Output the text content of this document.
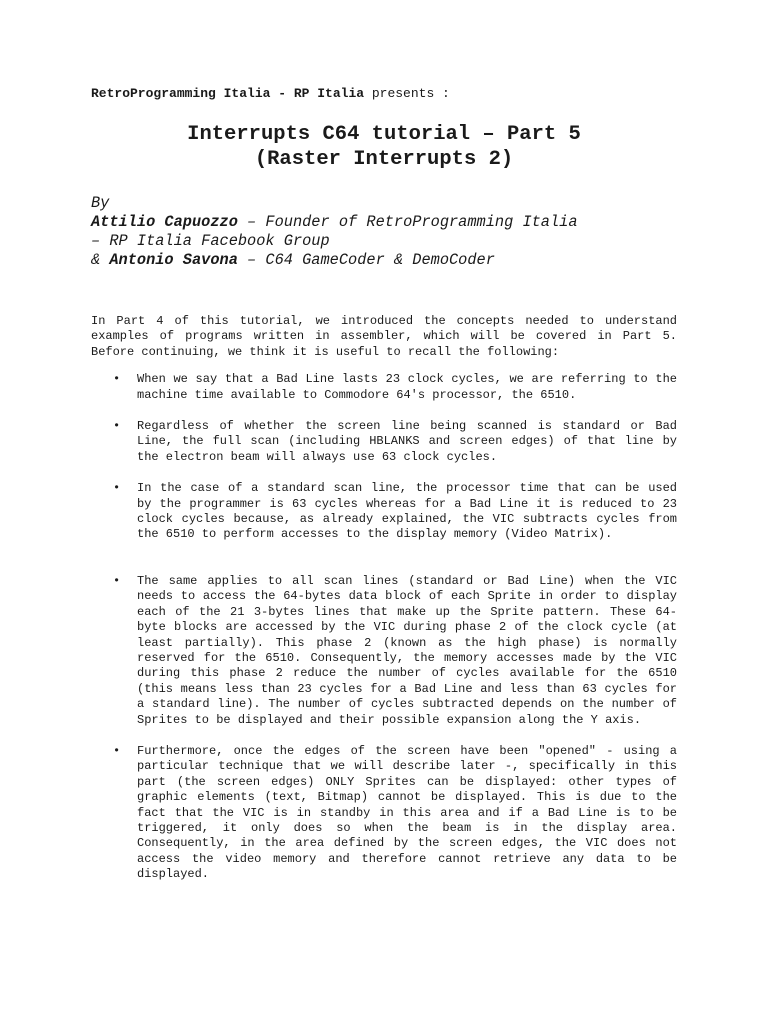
RetroProgramming Italia - RP Italia presents :

Interrupts C64 tutorial – Part 5

(Raster Interrupts 2)

By

Attilio Capuozzo – Founder of RetroProgramming Italia

– RP Italia Facebook Group

& Antonio Savona – C64 GameCoder & DemoCoder

In Part 4 of this tutorial, we introduced the concepts needed to understand examples of programs written in assembler, which will be covered in Part 5. Before continuing, we think it is useful to recall the following:

• When we say that a Bad Line lasts 23 clock cycles, we are referring to the machine time available to Commodore 64's processor, the 6510.
• Regardless of whether the screen line being scanned is standard or Bad Line, the full scan (including HBLANKS and screen edges) of that line by the electron beam will always use 63 clock cycles.
• In the case of a standard scan line, the processor time that can be used by the programmer is 63 cycles whereas for a Bad Line it is reduced to 23 clock cycles because, as already explained, the VIC subtracts cycles from the 6510 to perform accesses to the display memory (Video Matrix).
• The same applies to all scan lines (standard or Bad Line) when the VIC needs to access the 64-bytes data block of each Sprite in order to display each of the 21 3-bytes lines that make up the Sprite pattern. These 64-byte blocks are accessed by the VIC during phase 2 of the clock cycle (at least partially). This phase 2 (known as the high phase) is normally reserved for the 6510. Consequently, the memory accesses made by the VIC during this phase 2 reduce the number of cycles available for the 6510 (this means less than 23 cycles for a Bad Line and less than 63 cycles for a standard line). The number of cycles subtracted depends on the number of Sprites to be displayed and their possible expansion along the Y axis.
• Furthermore, once the edges of the screen have been "opened" - using a particular technique that we will describe later -, specifically in this part (the screen edges) ONLY Sprites can be displayed: other types of graphic elements (text, Bitmap) cannot be displayed. This is due to the fact that the VIC is in standby in this area and if a Bad Line is to be triggered, it only does so when the beam is in the display area. Consequently, in the area defined by the screen edges, the VIC does not access the video memory and therefore cannot retrieve any data to be displayed.
